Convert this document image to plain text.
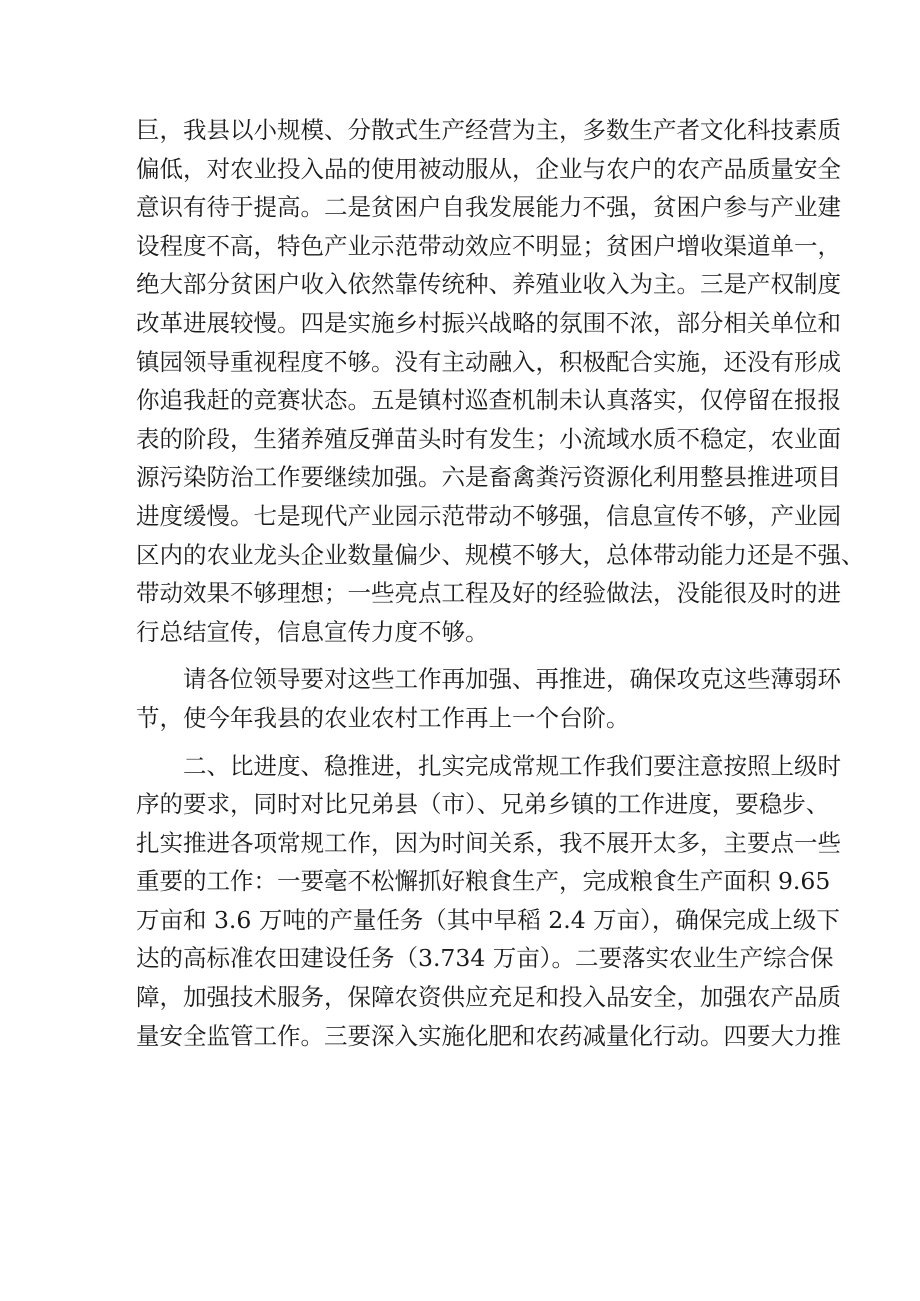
巨，我县以小规模、分散式生产经营为主，多数生产者文化科技素质
偏低，对农业投入品的使用被动服从，企业与农户的农产品质量安全
意识有待于提高。二是贫困户自我发展能力不强，贫困户参与产业建
设程度不高，特色产业示范带动效应不明显；贫困户增收渠道单一，
绝大部分贫困户收入依然靠传统种、养殖业收入为主。三是产权制度
改革进展较慢。四是实施乡村振兴战略的氛围不浓，部分相关单位和
镇园领导重视程度不够。没有主动融入，积极配合实施，还没有形成
你追我赶的竞赛状态。五是镇村巡查机制未认真落实，仅停留在报报
表的阶段，生猪养殖反弹苗头时有发生；小流域水质不稳定，农业面
源污染防治工作要继续加强。六是畜禽粪污资源化利用整县推进项目
进度缓慢。七是现代产业园示范带动不够强，信息宣传不够，产业园
区内的农业龙头企业数量偏少、规模不够大，总体带动能力还是不强、
带动效果不够理想；一些亮点工程及好的经验做法，没能很及时的进
行总结宣传，信息宣传力度不够。
请各位领导要对这些工作再加强、再推进，确保攻克这些薄弱环
节，使今年我县的农业农村工作再上一个台阶。
二、比进度、稳推进，扎实完成常规工作我们要注意按照上级时
序的要求，同时对比兄弟县（市）、兄弟乡镇的工作进度，要稳步、
扎实推进各项常规工作，因为时间关系，我不展开太多，主要点一些
重要的工作：一要毫不松懈抓好粮食生产，完成粮食生产面积 9.65
万亩和 3.6 万吨的产量任务（其中早稻 2.4 万亩），确保完成上级下
达的高标准农田建设任务（3.734 万亩）。二要落实农业生产综合保
障，加强技术服务，保障农资供应充足和投入品安全，加强农产品质
量安全监管工作。三要深入实施化肥和农药减量化行动。四要大力推
